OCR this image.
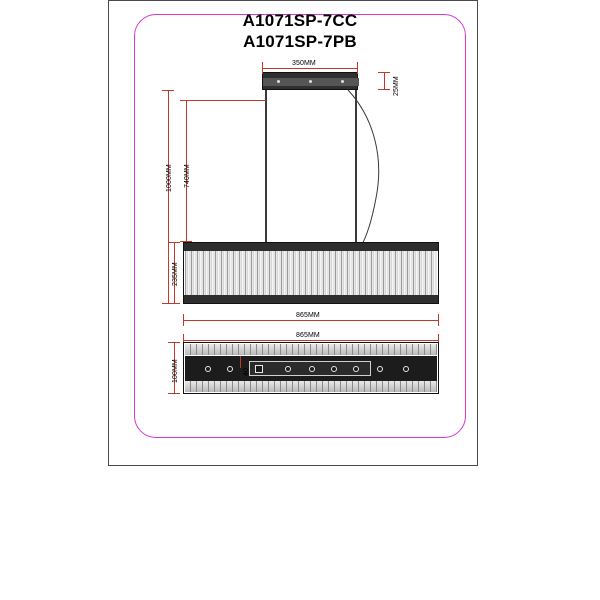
A1071SP-7CC
A1071SP-7PB
350MM
25MM
1000MM 740MM
235MM
865MM
865MM
100MM	40
